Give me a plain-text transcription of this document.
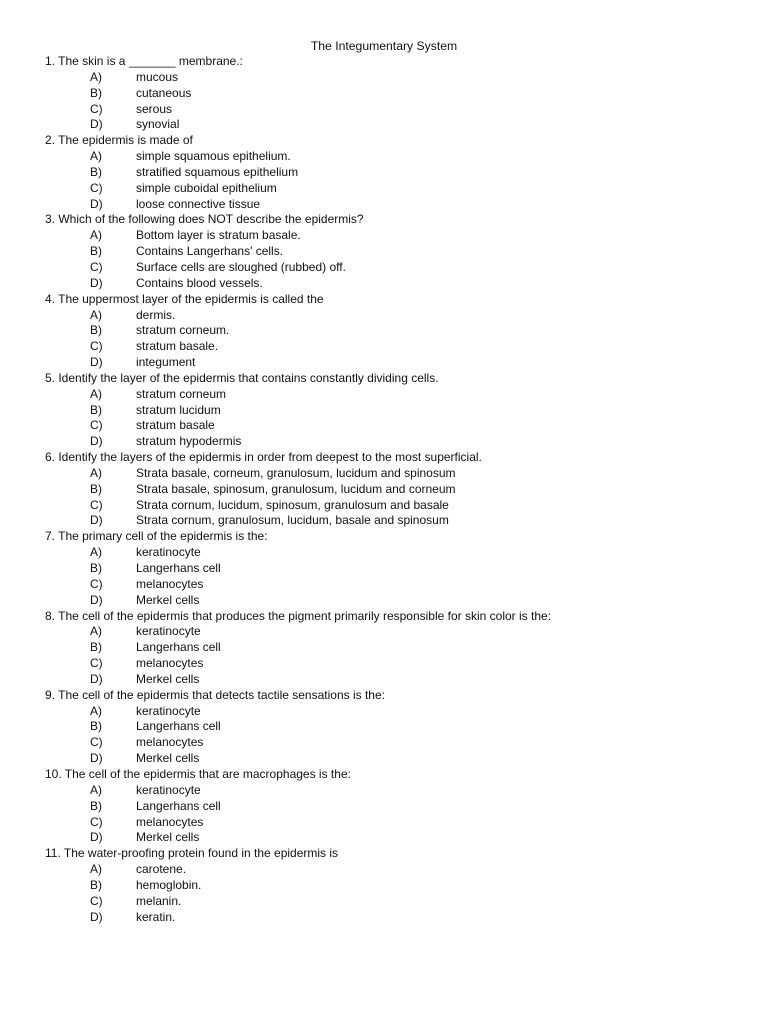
The Integumentary System
1. The skin is a _______ membrane.:
A)	mucous
B)	cutaneous
C)	serous
D)	synovial
2. The epidermis is made of
A)	simple squamous epithelium.
B)	stratified squamous epithelium
C)	simple cuboidal epithelium
D)	loose connective tissue
3. Which of the following does NOT describe the epidermis?
A)	Bottom layer is stratum basale.
B)	Contains Langerhans' cells.
C)	Surface cells are sloughed (rubbed) off.
D)	Contains blood vessels.
4. The uppermost layer of the epidermis is called the
A)	dermis.
B)	stratum corneum.
C)	stratum basale.
D)	integument
5. Identify the layer of the epidermis that contains constantly dividing cells.
A)	stratum corneum
B)	stratum lucidum
C)	stratum basale
D)	stratum hypodermis
6. Identify the layers of the epidermis in order from deepest to the most superficial.
A)	Strata basale, corneum, granulosum, lucidum and spinosum
B)	Strata basale, spinosum, granulosum, lucidum and corneum
C)	Strata cornum, lucidum, spinosum, granulosum and basale
D)	Strata cornum, granulosum, lucidum, basale and spinosum
7. The primary cell of the epidermis is the:
A)	keratinocyte
B)	Langerhans cell
C)	melanocytes
D)	Merkel cells
8. The cell of the epidermis that produces the pigment primarily responsible for skin color is the:
A)	keratinocyte
B)	Langerhans cell
C)	melanocytes
D)	Merkel cells
9. The cell of the epidermis that detects tactile sensations is the:
A)	keratinocyte
B)	Langerhans cell
C)	melanocytes
D)	Merkel cells
10. The cell of the epidermis that are macrophages is the:
A)	keratinocyte
B)	Langerhans cell
C)	melanocytes
D)	Merkel cells
11. The water-proofing protein found in the epidermis is
A)	carotene.
B)	hemoglobin.
C)	melanin.
D)	keratin.
